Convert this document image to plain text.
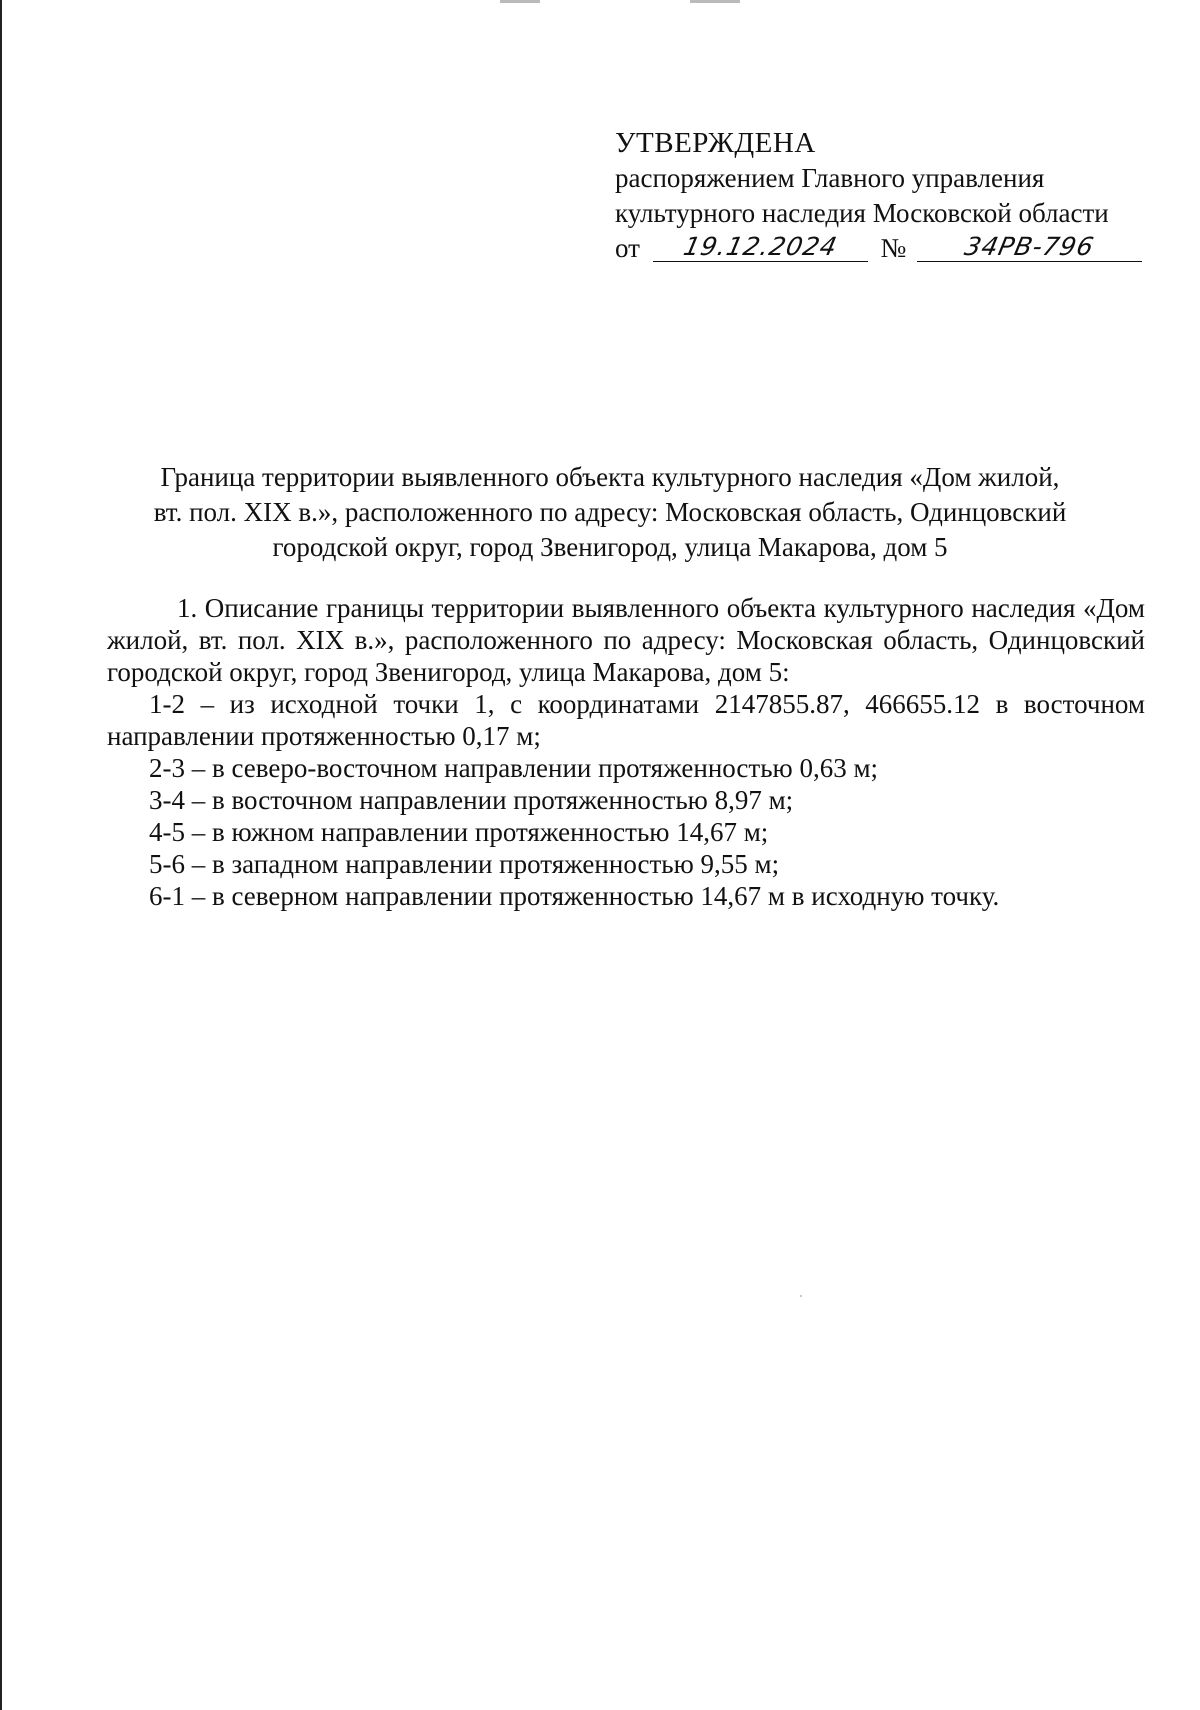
УТВЕРЖДЕНА
распоряжением Главного управления
культурного наследия Московской области
от 19.12.2024 № 34РВ-796
Граница территории выявленного объекта культурного наследия «Дом жилой,
вт. пол. XIX в.», расположенного по адресу: Московская область, Одинцовский
городской округ, город Звенигород, улица Макарова, дом 5

1. Описание границы территории выявленного объекта культурного наследия «Дом жилой, вт. пол. XIX в.», расположенного по адресу: Московская область, Одинцовский городской округ, город Звенигород, улица Макарова, дом 5:

1-2 – из исходной точки 1, с координатами 2147855.87, 466655.12 в восточном направлении протяженностью 0,17 м;

2-3 – в северо-восточном направлении протяженностью 0,63 м;

3-4 – в восточном направлении протяженностью 8,97 м;

4-5 – в южном направлении протяженностью 14,67 м;

5-6 – в западном направлении протяженностью 9,55 м;

6-1 – в северном направлении протяженностью 14,67 м в исходную точку.
